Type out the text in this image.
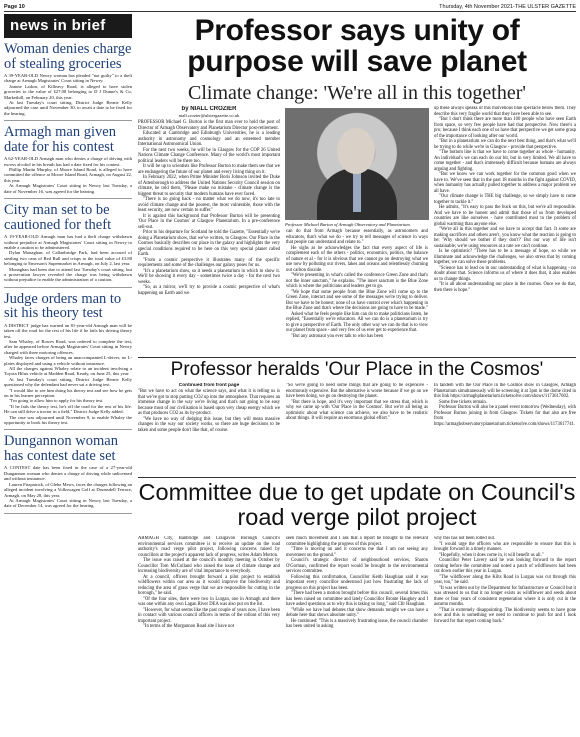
Page 10	Thursday, 4th November 2021-THE ULSTER GAZETTE
news in brief
Woman denies charge of stealing groceries

A 39-YEAR-OLD Newry woman has pleaded "not guilty" to a theft charge at Armagh Magistrates' Court sitting in Newry.

Joanne Larkin, of Killeavy Road, is alleged to have stolen groceries to the value of £27.08 belonging to D J Dunne's & Co, Markethill, on February 20, this year.

At last Tuesday's court sitting, District Judge Bernie Kelly adjourned the case until November 30, to await a date to be fixed for the hearing.

Armagh man given date for his contest

A 62-YEAR-OLD Armagh man who denies a charge of driving with excess alcohol in his breath has had a date fixed for his contest.

Phillip Martin Murphy, of Moore Island Road, is alleged to have committed the offence at Moore Island Road, Armagh, on August 22, this year.

At Armagh Magistrates' Court sitting in Newry last Tuesday, a date of November 16, was agreed for the hearing.

City man set to be cautioned for theft

A 19-YEAR-OLD Armagh man has had a theft charge withdrawn without prejudice at Armagh Magistrates' Court sitting in Newry to enable a caution to be administered.

Dylan Monaghan, of Callanbridge Park, had been accused of stealing two cans of Red Bull and crisps to the total value of £3.80 belonging to Emerson's Supermarket in Armagh, on July 2, last year.

Monaghan had been due to attend last Tuesday's court sitting, but a prosecution lawyer revealed the charge was being withdrawn without prejudice to enable the administration of a caution.

Judge orders man to sit his theory test

A DISTRICT judge has warned an 81-year-old Armagh man will be taken off the road for the rest of his life if he fails his driving theory test.

Sam Whaley, of Rowes Road, was ordered to complete the test, after he appeared before Armagh Magistrates' Court sitting in Newry charged with three motoring offences.

Whaley faces charges of being an unaccompanied L-driver, no L-plates displayed and using a vehicle without insurance.

All the charges against Whaley relate to an incident involving a Toyota Hilux vehicle at Madden Road, Keady, on June 25, this year.

At last Tuesday's court sitting, District Judge Bernie Kelly questioned why the defendant had never sat a driving test.

"I would like to see him doing his theory test and see how he gets on in his learner perception.

"I'm going to allow him to apply for his theory test.

"If he fails the theory test, he's off the road for the rest of his life. He can still drive a tractor in a field," District Judge Kelly added.

The case was adjourned until November 9, to enable Whaley the opportunity to book his theory test.

Dungannon woman has contest date set

A CONTEST date has been fixed in the case of a 27-year-old Dungannon woman who denies a charge of driving while unlicensed and without insurance.

Lauren Fitzpatrick, of Glebe Mews, faces the charges following an alleged incident involving a Volkswagen Golf at Drumsdell Terrace, Armagh, on May 28, this year.

At Armagh Magistrates' Court sitting in Newry last Tuesday, a date of December 14, was agreed for the hearing.

Professor says unity of purpose will save planet
Climate change: 'We're all in this together'
by NIALL CROZIER
niall.crozier@ulstergazette.co.uk

PROFESSOR Michael G. Burton is the first man ever to hold the post of Director of Armagh Observatory and Planetarium Director post-retirement.

Educated at Cambridge and Edinburgh Universities, he is a leading authority in astronomy and cosmology and an esteemed member International Astronomical Union.

For the next two weeks, he will be in Glasgow for the COP 26 United Nations Climate Change Conference. Many of the world's most important political leaders will be there too.

It will be up to scientists like Professor Burton to make them see that we are endangering the future of our planet and every living thing on it.

In February 2022, when Prime Minister Boris Johnson invited the Duke of Attenborough to address the United Nations Security Council session on climate, he told them, "Please make no mistake - climate change is the biggest threat to security that modern humans have ever faced.

"There is no going back - no matter what we do now, it's too late to avoid climate change and the poorest, the most vulnerable, those with the least security, are now certain to suffer."

It is against this background that Professor Burton will be presenting 'Our Place in the Cosmos' at Glasgow Planetarium. In a pre-conference sell-out.

Prior to his departure for Scotland he told the Gazette, "Essentially we're doing a Planetarium show, that we've written, to Glasgow. Our Place in the Cosmos basically describes our place in the galaxy and highlights the very special conditions required to be here on this very special planet called Earth.

"From a cosmic perspective it illustrates many of the specific requirements and some of the challenges our galaxy poses for us.

"It's a planetarium show, so it needs a planetarium in which to show it. We'll be showing it every day - sometimes twice a day - for the next two weeks.

"So, as a mirror, we'll try to provide a cosmic perspective of what's happening on Earth and we

can do that from Armagh because essentially, as astronomers and educators, that's what we do - we try to tell messages of science in ways that people can understand and relate to."

He sighs as he acknowledges the fact that every aspect of life is complement each of the others - politics, economics, politics, the balance of nature et al - for it is obvious that we cannot go on destroying what we use now by polluting our rivers, lakes and oceans and relentlessly churning out carbon dioxide.

"We're presenting in what's called the conference Green Zone and that's not the inner sanctum," he explains. "The inner sanctum is the Blue Zone which is where the politicians and leaders get to go.

"We hope that some people from the Blue Zone will come up to the Green Zone, interact and see some of the messages we're trying to deliver. But we have to be honest; none of us have control over what's happening in the Blue Zone and that's where the decisions are going to have to be made."

Asked what he feels people like him can do to make politicians listen, he replied, "Essentially we're educators. All we can do is a planetarium is try to give a perspective of Earth. The only other way we can do that is to view our planet from space - and very few of us ever get to experience that.

"But any astronaut you ever talk to who has been

up these always speaks of this marvellous blue spectacle below them. They describe this very fragile world that they have been able to see.

"But I don't think there are more than 100 people who have seen Earth from space, so very few people have had that perspective. Now there's a pro; because I think each one of us have that perspective we get some grasp of the importance of looking after our world.

"But in a planetarium we can do the next best thing, and that's what we'll be trying to do while we're in Glasgow - provide that perspective.

"The bottom line is that we have to come together as whole - humanity. An individual's we can each do our bit, but in very limited. We all have to come together - and that's immensely difficult because humans are always arguing and fighting.

"But we know we can work together for the common good when we have to. We've seen that in the past 18 months in the fight against COVID, when humanity has actually pulled together to address a major problem we all have.

"Our climate change is THE big challenge, so we simply have to come together to tackle it."

He admits, "It's easy to pass the buck on this, but we're all responsible. And we have to be honest and admit that those of us from developed countries are like ourselves - have contributed most to the problem of global warming than anyone else.

"We're all in this together and we have to accept that fact. It some are making sacrifices and others aren't, you know what the reaction is going to be: 'Why should we bother if they don't?' But our way of life isn't sustainable; we're using resources at a rate we can't continue.

Is he optimistic? "There has to be a message of hope, so while we illuminate and acknowledge the challenges, we also stress that by coming together, we can solve these problems.

"Science has to lead on in our understanding of what is happening - no doubt about that. Science informs us of where it does that, it also enables us to change things.

"It is all about understanding our place in the cosmos. Once we do that, then there is hope."

Professor Michael Burton of Armagh Observatory and Planetarium.
Professor heralds 'Our Place in the Cosmos'
Continued from front page

"But we have to act on what the science says, and what it is telling us is that we've got to stop putting CO2 up into the atmosphere. That requires an immense change in the way we're living and that's not going to be easy because most of our civilisation is based upon very cheap energy which we as that produces CO2 as its by-product.

"We have no way of dodging this issue, but they will mean massive changes in the way our society works, so there are huge decisions to be taken and some people don't like that, of course.

"So we're going to need some things that are going to be expensive - enormously expensive. But the alternative is worse because if we go on we have been doing, we go on destroying the planet.

"But there is hope, and it's very important that we stress that, which is why we came up with 'Our Place in the Cosmos'. But we're all being as optimistic about what science can achieve, we also have to be realistic about things. It will require an enormous global effort."

In tandem with the Our Place in the Cosmos show in Glasgow, Armagh Planetarium simultaneously will be screening it at 3pm in the dome cited in this link https://armaghplanetarium.ticketsolve.com/shows/1173617602.

Some free tickets remain.

Professor Burton will also be a panel event tomorrow (Wednesday), with Professor Burton joining in from Glasgow. Tickets for that also are free from https://armaghobservatoryplanetarium.ticketsolve.com/shows/1173617741.

Committee due to get update on Council's road verge pilot project

ARMAGH City, Banbridge and Craigavon Borough Council's environmental services committee is to receive an update on the road authority's road verge pilot project, following concerns raised by councillors at the project's apparent lack of progress, writes Adam Morton.

The issue was raised at the council's monthly meeting in October by Councillor Tom McColland who raised the issue of climate change and increasing biodiversity are of vital importance to everybody.

At a council, officers brought forward a pilot project to establish wildflowers within our area as it would improve the biodiversity and reducing the area of grass verge that we are responsible for cutting in the borough," he said.

"Of the four sites, there were two in Lurgan, one in Armagh and there was one within any own Lagan River DEA was also put on the list.

"However, for what seems like the past couple of years now, I have been in contact with various council officers in terms of the rollout of this very important project.

"In terms of the Morgannon Road site I have not

seen much movement and I ask that a report be brought to the relevant committee highlighting the progress of this project.

"Time is moving on and it concerns me that I am not seeing any movement on the ground."

Council's strategic director of neighbourhood services, Sharon O'Gorman, confirmed the report would be brought to the environmental services committee.

Following this confirmation, Councillor Keith Haughian said it was important every councillor understood just how frustrating the lack of progress on this project has been.

"There had been a motion brought before this council, several times this has been raised on committee and lately Councillor Bronte Haughey and I have asked questions as to why this is taking so long," said Cllr Haughian.

"While we have had debates that show demands tonight we can have a debate here that shows absolute unity."

He continued: "This is a massively frustrating issue, the council chamber has been united in asking

why this has not been rolled out.

"I would urge the officers who are responsible to ensure that this is brought forward in a timely manner.

"Hopefully, when it does come in, it will benefit us all."

Councillor Peter Lavery said he was looking forward to the report coming before the committee and noted a patch of wildflowers had been cut down earlier this year in Lurgan.

"The wildflower along the Kilts Road in Lurgan was cut through this year, too," he said.

"It was written out by the Department for Infrastructure or Council but it was stressed to us that it no longer exists as wildflower and seeds about three or four years of consistent regeneration where it is only cut in the autumn months.

"That is extremely disappointing. The biodiversity seems to have gone now and this is something we need to continue to push for and I look forward for that report coming back."
